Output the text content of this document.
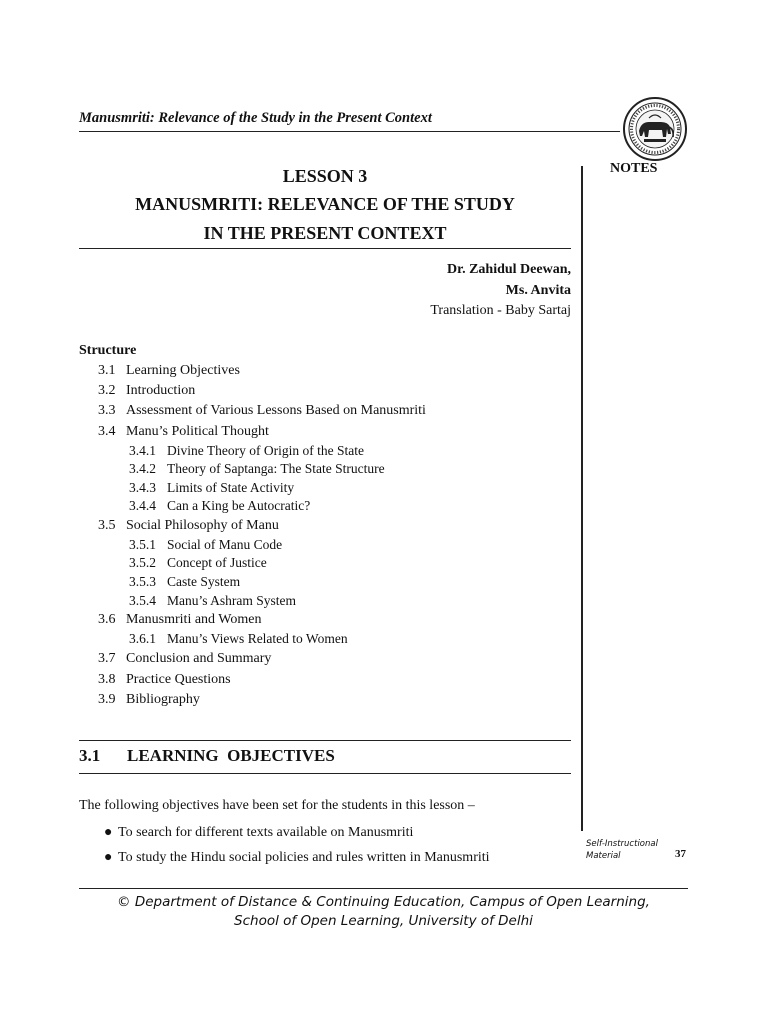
Manusmriti: Relevance of the Study in the Present Context
NOTES
LESSON 3
MANUSMRITI: RELEVANCE OF THE STUDY
IN THE PRESENT CONTEXT
Dr. Zahidul Deewan,
Ms. Anvita
Translation - Baby Sartaj
Structure
3.1 Learning Objectives
3.2 Introduction
3.3 Assessment of Various Lessons Based on Manusmriti
3.4 Manu’s Political Thought
3.4.1 Divine Theory of Origin of the State
3.4.2 Theory of Saptanga: The State Structure
3.4.3 Limits of State Activity
3.4.4 Can a King be Autocratic?
3.5 Social Philosophy of Manu
3.5.1 Social of Manu Code
3.5.2 Concept of Justice
3.5.3 Caste System
3.5.4 Manu’s Ashram System
3.6 Manusmriti and Women
3.6.1 Manu’s Views Related to Women
3.7 Conclusion and Summary
3.8 Practice Questions
3.9 Bibliography
3.1 LEARNING  OBJECTIVES
The following objectives have been set for the students in this lesson –
● To search for different texts available on Manusmriti
● To study the Hindu social policies and rules written in Manusmriti
Self-Instructional
Material	37
© Department of Distance & Continuing Education, Campus of Open Learning,
School of Open Learning, University of Delhi
